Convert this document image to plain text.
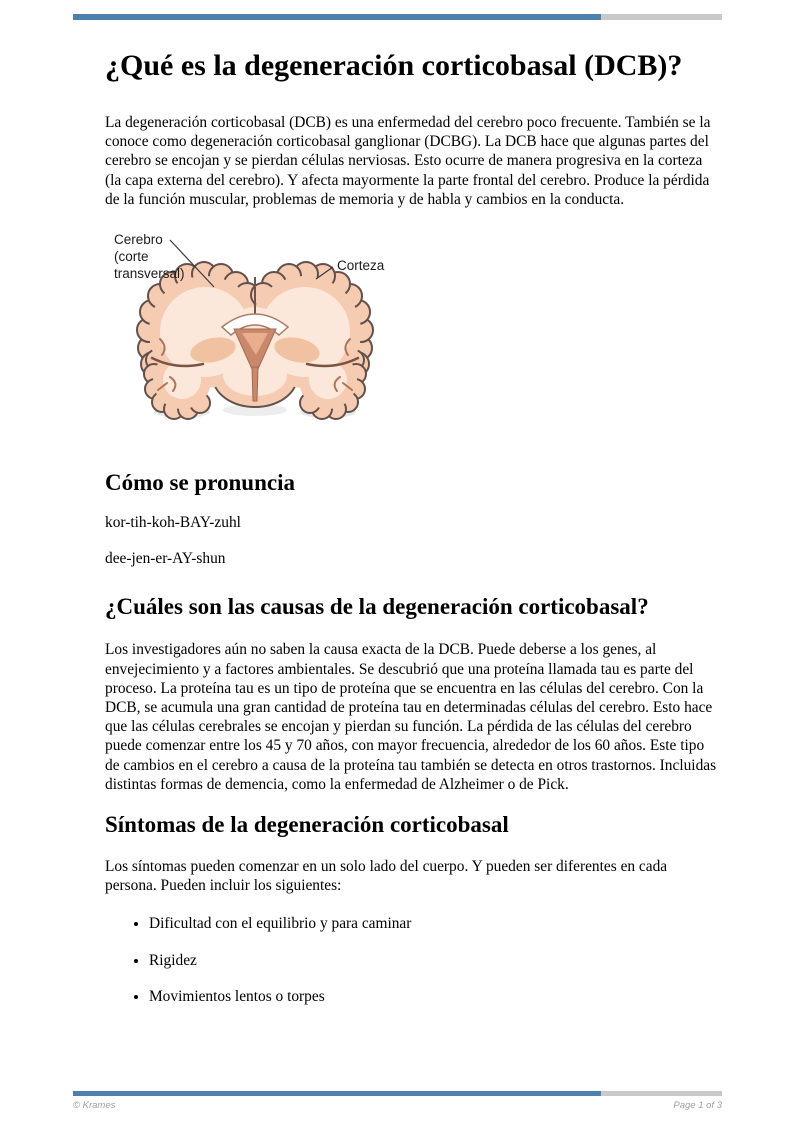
¿Qué es la degeneración corticobasal (DCB)?

La degeneración corticobasal (DCB) es una enfermedad del cerebro poco frecuente. También se la conoce como degeneración corticobasal ganglionar (DCBG). La DCB hace que algunas partes del cerebro se encojan y se pierdan células nerviosas. Esto ocurre de manera progresiva en la corteza (la capa externa del cerebro). Y afecta mayormente la parte frontal del cerebro. Produce la pérdida de la función muscular, problemas de memoria y de habla y cambios en la conducta.

Cerebro
(corte
transversal)
Corteza
Cómo se pronuncia

kor-tih-koh-BAY-zuhl

dee-jen-er-AY-shun

¿Cuáles son las causas de la degeneración corticobasal?

Los investigadores aún no saben la causa exacta de la DCB. Puede deberse a los genes, al envejecimiento y a factores ambientales. Se descubrió que una proteína llamada tau es parte del proceso. La proteína tau es un tipo de proteína que se encuentra en las células del cerebro. Con la DCB, se acumula una gran cantidad de proteína tau en determinadas células del cerebro. Esto hace que las células cerebrales se encojan y pierdan su función. La pérdida de las células del cerebro puede comenzar entre los 45 y 70 años, con mayor frecuencia, alrededor de los 60 años. Este tipo de cambios en el cerebro a causa de la proteína tau también se detecta en otros trastornos. Incluidas distintas formas de demencia, como la enfermedad de Alzheimer o de Pick.

Síntomas de la degeneración corticobasal

Los síntomas pueden comenzar en un solo lado del cuerpo. Y pueden ser diferentes en cada persona. Pueden incluir los siguientes:

• Dificultad con el equilibrio y para caminar
• Rigidez
• Movimientos lentos o torpes
© Krames	Page 1 of 3
